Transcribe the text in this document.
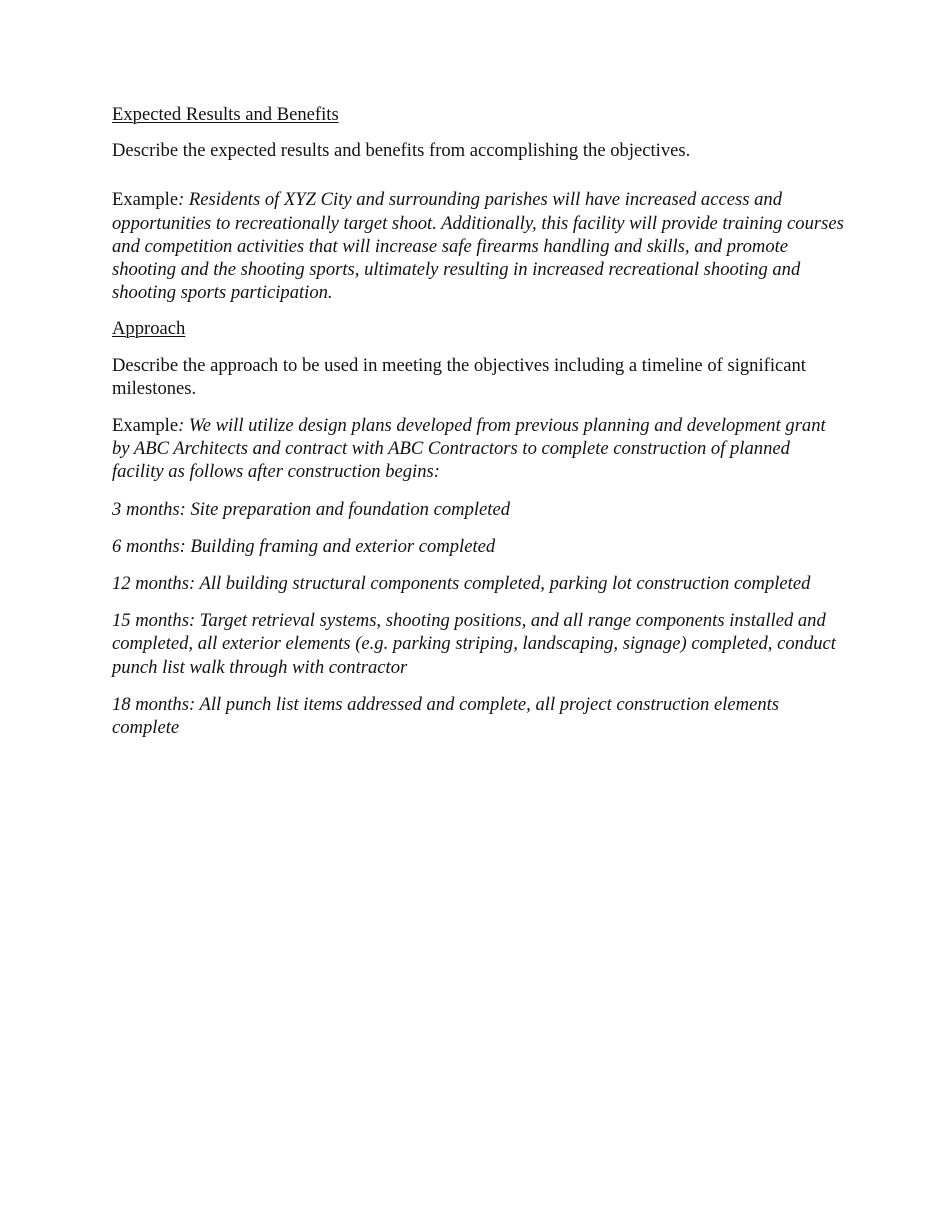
Expected Results and Benefits

Describe the expected results and benefits from accomplishing the objectives.

Example: Residents of XYZ City and surrounding parishes will have increased access and opportunities to recreationally target shoot. Additionally, this facility will provide training courses and competition activities that will increase safe firearms handling and skills, and promote shooting and the shooting sports, ultimately resulting in increased recreational shooting and shooting sports participation.

Approach

Describe the approach to be used in meeting the objectives including a timeline of significant milestones.

Example: We will utilize design plans developed from previous planning and development grant by ABC Architects and contract with ABC Contractors to complete construction of planned facility as follows after construction begins:

3 months: Site preparation and foundation completed

6 months: Building framing and exterior completed

12 months: All building structural components completed, parking lot construction completed

15 months: Target retrieval systems, shooting positions, and all range components installed and completed, all exterior elements (e.g. parking striping, landscaping, signage) completed, conduct punch list walk through with contractor

18 months: All punch list items addressed and complete, all project construction elements complete
